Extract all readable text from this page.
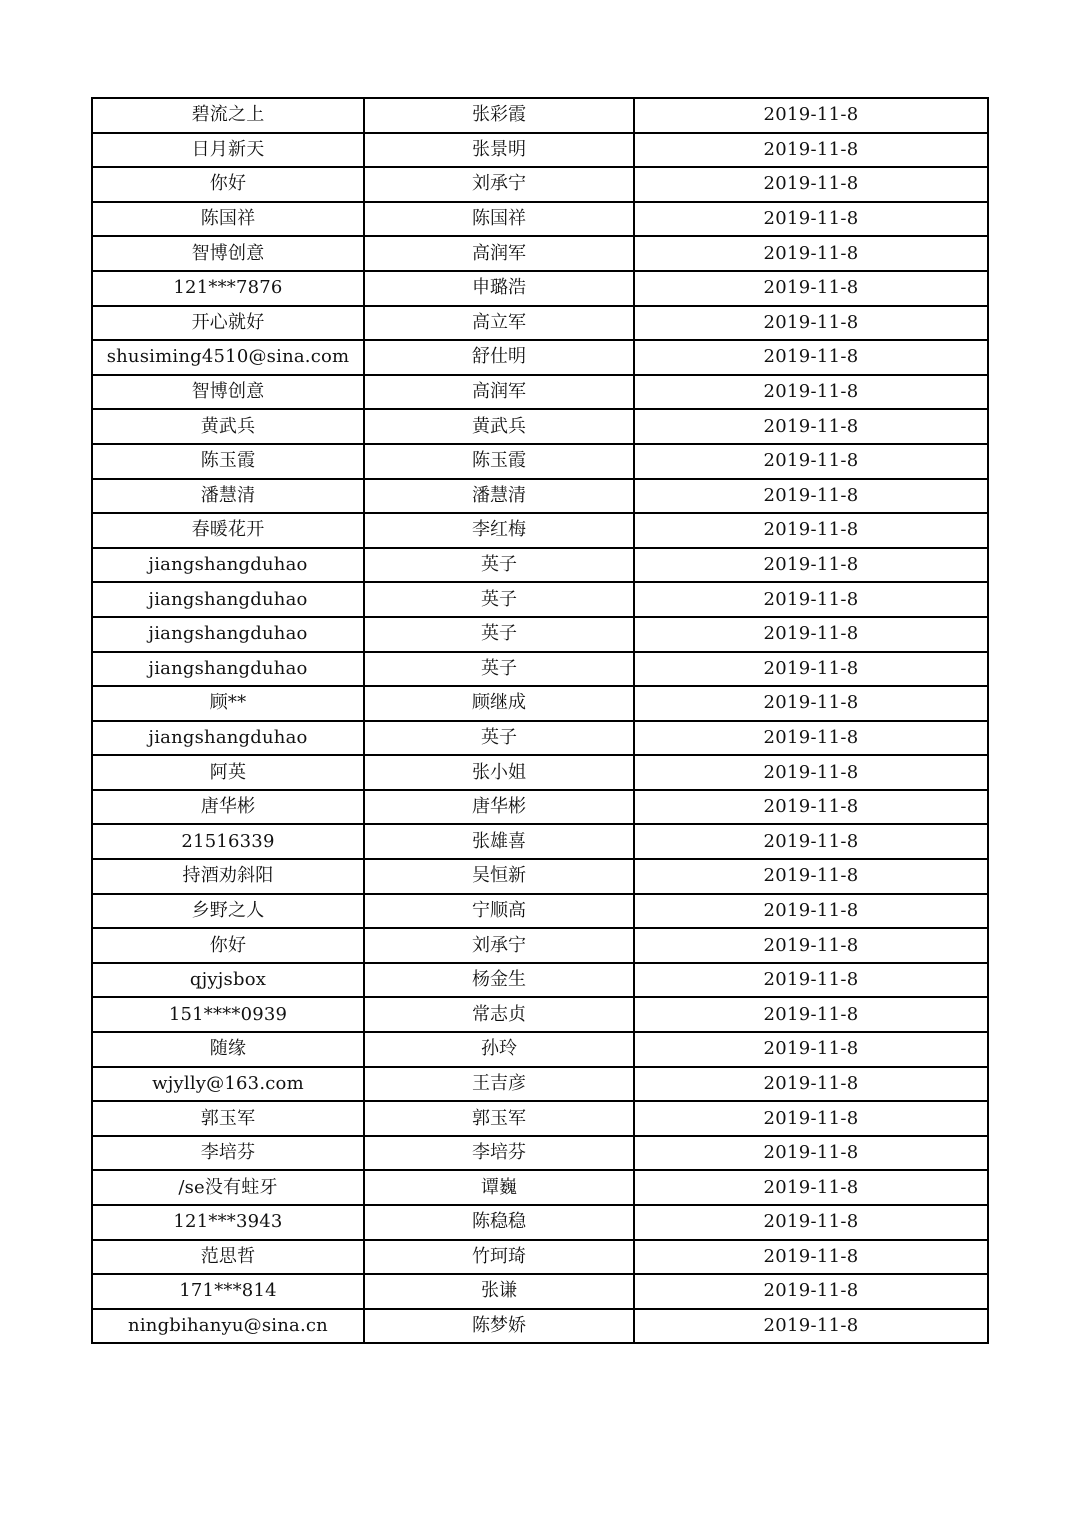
碧流之上	张彩霞	2019-11-8
日月新天	张景明	2019-11-8
你好	刘承宁	2019-11-8
陈国祥	陈国祥	2019-11-8
智博创意	高润军	2019-11-8
121***7876	申璐浩	2019-11-8
开心就好	高立军	2019-11-8
shusiming4510@sina.com	舒仕明	2019-11-8
智博创意	高润军	2019-11-8
黄武兵	黄武兵	2019-11-8
陈玉霞	陈玉霞	2019-11-8
潘慧清	潘慧清	2019-11-8
春暖花开	李红梅	2019-11-8
jiangshangduhao	英子	2019-11-8
jiangshangduhao	英子	2019-11-8
jiangshangduhao	英子	2019-11-8
jiangshangduhao	英子	2019-11-8
顾**	顾继成	2019-11-8
jiangshangduhao	英子	2019-11-8
阿英	张小姐	2019-11-8
唐华彬	唐华彬	2019-11-8
21516339	张雄喜	2019-11-8
持酒劝斜阳	吴恒新	2019-11-8
乡野之人	宁顺高	2019-11-8
你好	刘承宁	2019-11-8
qjyjsbox	杨金生	2019-11-8
151****0939	常志贞	2019-11-8
随缘	孙玲	2019-11-8
wjylly@163.com	王吉彦	2019-11-8
郭玉军	郭玉军	2019-11-8
李培芬	李培芬	2019-11-8
/se没有蛀牙	谭巍	2019-11-8
121***3943	陈稳稳	2019-11-8
范思哲	竹珂琦	2019-11-8
171***814	张谦	2019-11-8
ningbihanyu@sina.cn	陈梦娇	2019-11-8
